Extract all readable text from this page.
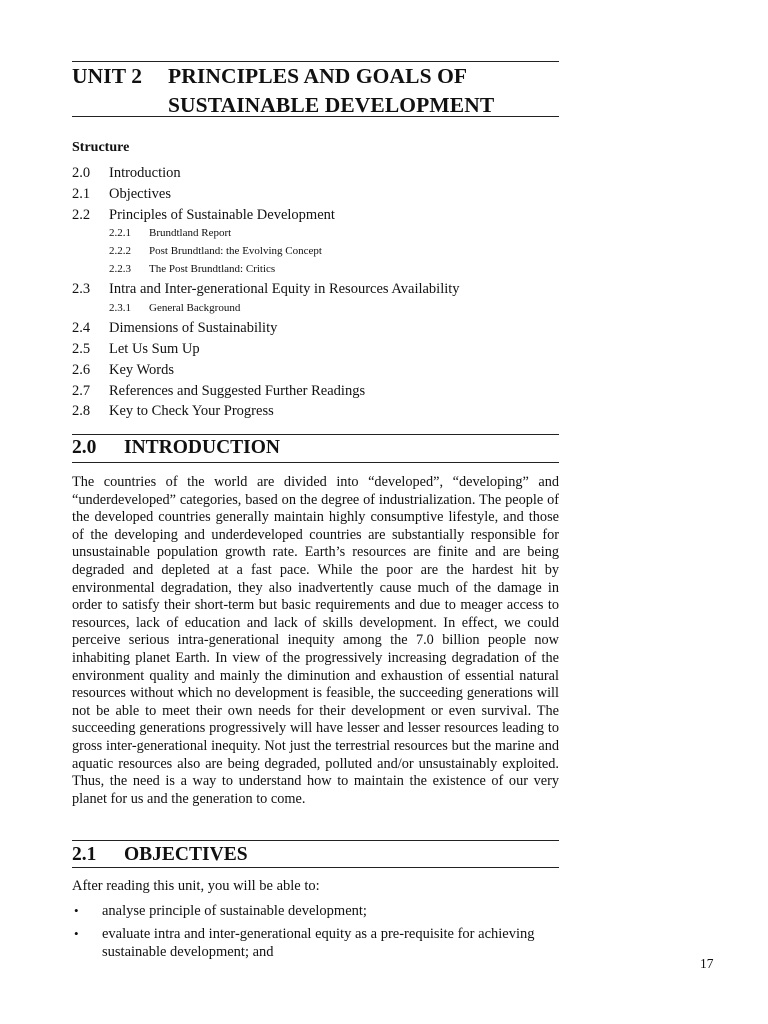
UNIT 2 PRINCIPLES AND GOALS OF
SUSTAINABLE DEVELOPMENT
Structure
2.0 Introduction
2.1 Objectives
2.2 Principles of Sustainable Development
2.2.1 Brundtland Report
2.2.2 Post Brundtland: the Evolving Concept
2.2.3 The Post Brundtland: Critics
2.3 Intra and Inter-generational Equity in Resources Availability
2.3.1 General Background
2.4 Dimensions of Sustainability
2.5 Let Us Sum Up
2.6 Key Words
2.7 References and Suggested Further Readings
2.8 Key to Check Your Progress
2.0 INTRODUCTION

The countries of the world are divided into “developed”, “developing” and “underdeveloped” categories, based on the degree of industrialization. The people of the developed countries generally maintain highly consumptive lifestyle, and those of the developing and underdeveloped countries are substantially responsible for unsustainable population growth rate. Earth’s resources are finite and are being degraded and depleted at a fast pace. While the poor are the hardest hit by environmental degradation, they also inadvertently cause much of the damage in order to satisfy their short-term but basic requirements and due to meager access to resources, lack of education and lack of skills development. In effect, we could perceive serious intra-generational inequity among the 7.0 billion people now inhabiting planet Earth. In view of the progressively increasing degradation of the environment quality and mainly the diminution and exhaustion of essential natural resources without which no development is feasible, the succeeding generations will not be able to meet their own needs for their development or even survival. The succeeding generations progressively will have lesser and lesser resources leading to gross inter-generational inequity. Not just the terrestrial resources but the marine and aquatic resources also are being degraded, polluted and/or unsustainably exploited. Thus, the need is a way to understand how to maintain the existence of our very planet for us and the generation to come.

2.1 OBJECTIVES
After reading this unit, you will be able to:
• analyse principle of sustainable development;
• evaluate intra and inter-generational equity as a pre-requisite for achieving sustainable development; and
17
